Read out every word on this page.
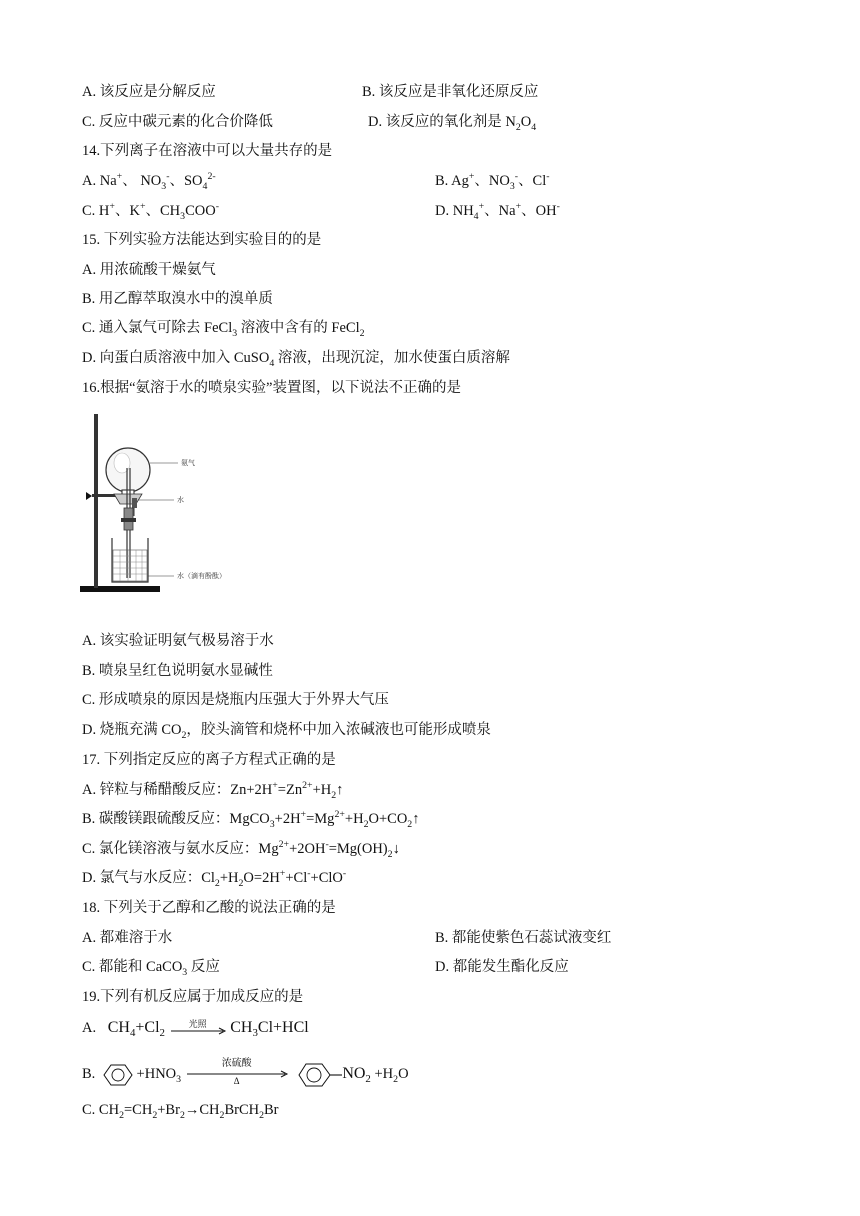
A. 该反应是分解反应	B. 该反应是非氧化还原反应
C. 反应中碳元素的化合价降低	D. 该反应的氧化剂是 $N_2O_4$
14.下列离子在溶液中可以大量共存的是
A. Na+、 $NO_3^-$、$SO_4^{2-}$	B. Ag+、$NO_3^-$、Cl-
C. H+、K+、$CH_3COO^-$	D. $NH_4^+$、Na+、OH-
15. 下列实验方法能达到实验目的的是
A. 用浓硫酸干燥氨气
B. 用乙醇萃取溴水中的溴单质
C. 通入氯气可除去 FeCl$_3$ 溶液中含有的 FeCl$_2$
D. 向蛋白质溶液中加入 CuSO$_4$ 溶液，出现沉淀，加水使蛋白质溶解
16.根据“氨溶于水的喷泉实验”装置图，以下说法不正确的是
氨气
水
水（滴有酚酞）
A. 该实验证明氨气极易溶于水
B. 喷泉呈红色说明氨水显碱性
C. 形成喷泉的原因是烧瓶内压强大于外界大气压
D. 烧瓶充满 $CO_2$，胶头滴管和烧杯中加入浓碱液也可能形成喷泉
17. 下列指定反应的离子方程式正确的是
A. 锌粒与稀醋酸反应：$Zn+2H^+=Zn^{2+}+H_2↑$
B. 碳酸镁跟硫酸反应：$MgCO_3+2H^+=Mg^{2+}+H_2O+CO_2↑$
C. 氯化镁溶液与氨水反应：$Mg^{2+}+2OH^-=Mg(OH)_2↓$
D. 氯气与水反应：$Cl_2+H_2O=2H^++Cl^-+ClO^-$
18. 下列关于乙醇和乙酸的说法正确的是
A. 都难溶于水	B. 都能使紫色石蕊试液变红
C. 都能和 CaCO$_3$ 反应	D. 都能发生酯化反应
19.下列有机反应属于加成反应的是
A. $CH_4+Cl_2$
光照	$CH_3Cl+HCl$
B.	$+HNO_3$
浓硫酸
Δ	$NO_2 +H_2O$
C. $CH_2=CH_2+Br_2\to CH_2BrCH_2Br$
